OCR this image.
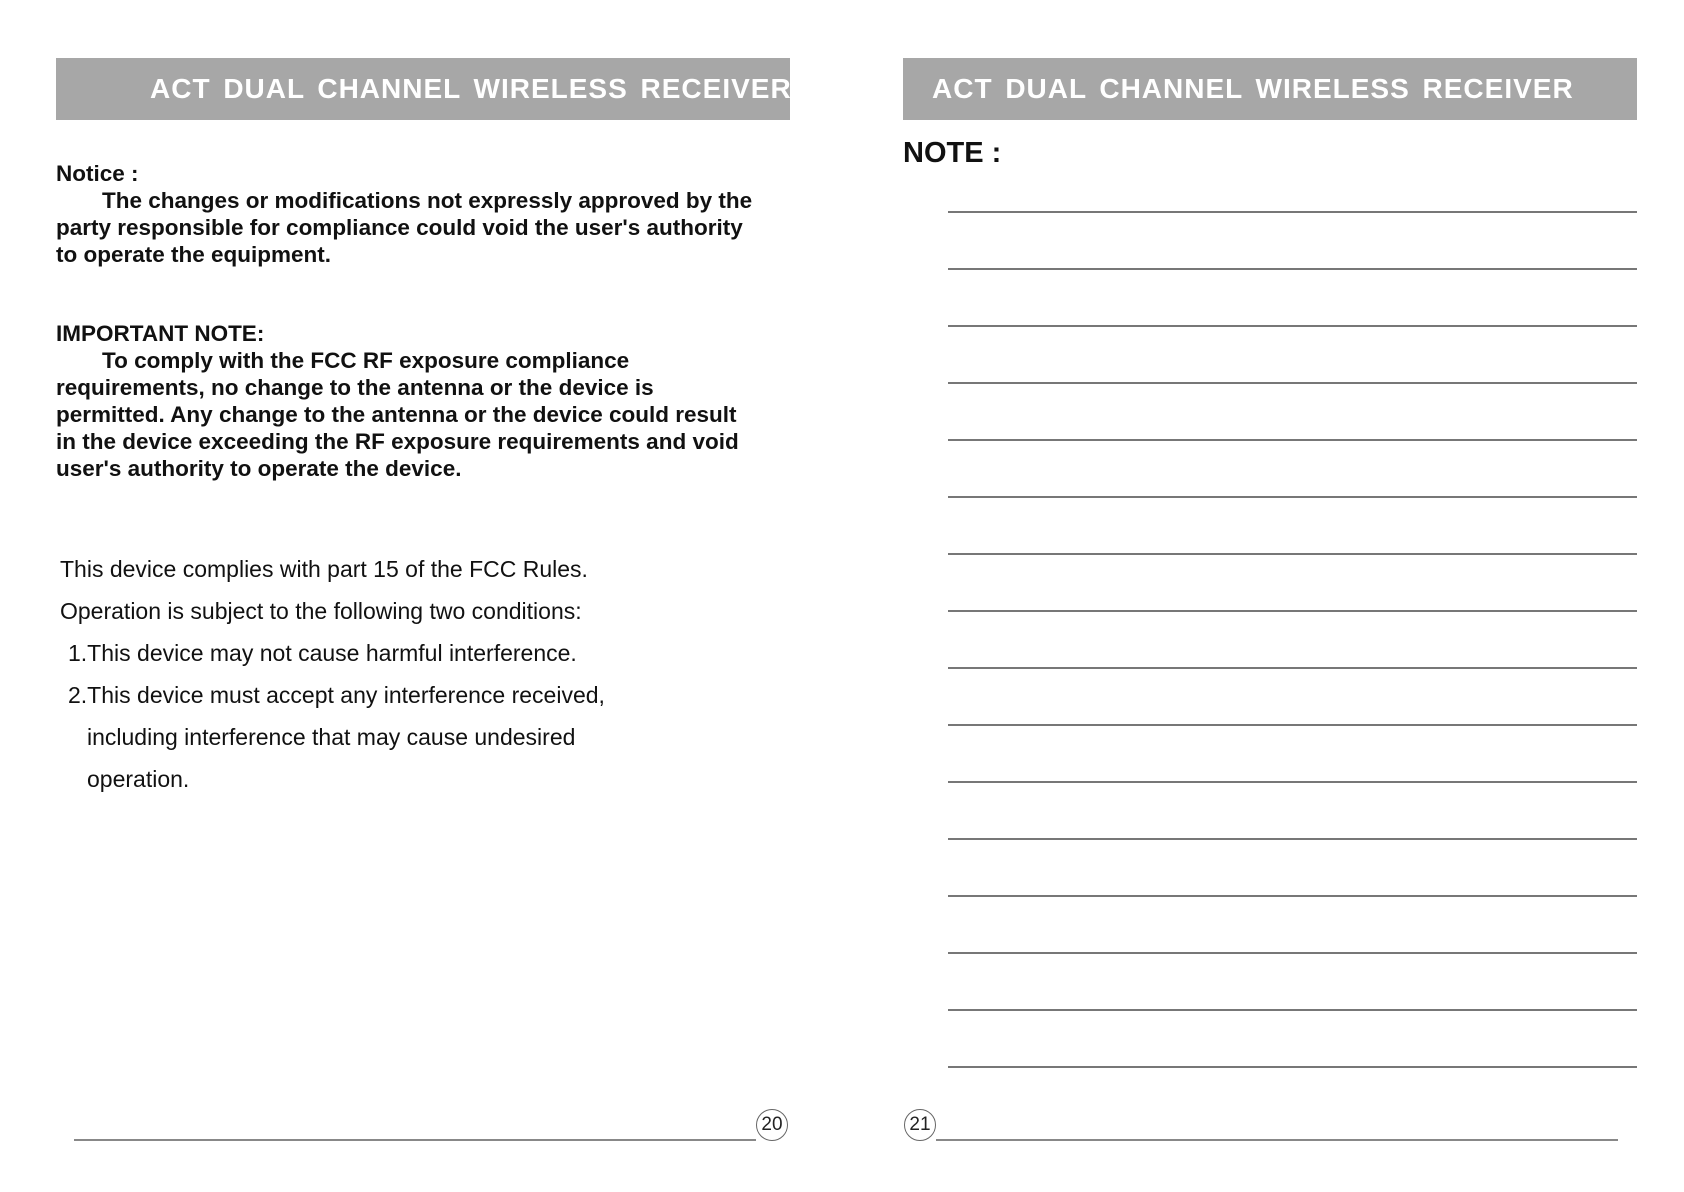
ACT DUAL CHANNEL WIRELESS RECEIVER

Notice :
The changes or modifications not expressly approved by the party responsible for compliance could void the user's authority to operate the equipment.

IMPORTANT NOTE:
To comply with the FCC RF exposure compliance requirements, no change to the antenna or the device is permitted. Any change to the antenna or the device could result in the device exceeding the RF exposure requirements and void user's authority to operate the device.

This device complies with part 15 of the FCC Rules.
Operation is subject to the following two conditions:
1.This device may not cause harmful interference.
2.This device must accept any interference received,
including interference that may cause undesired
operation.
20
ACT DUAL CHANNEL WIRELESS RECEIVER
NOTE :
21
